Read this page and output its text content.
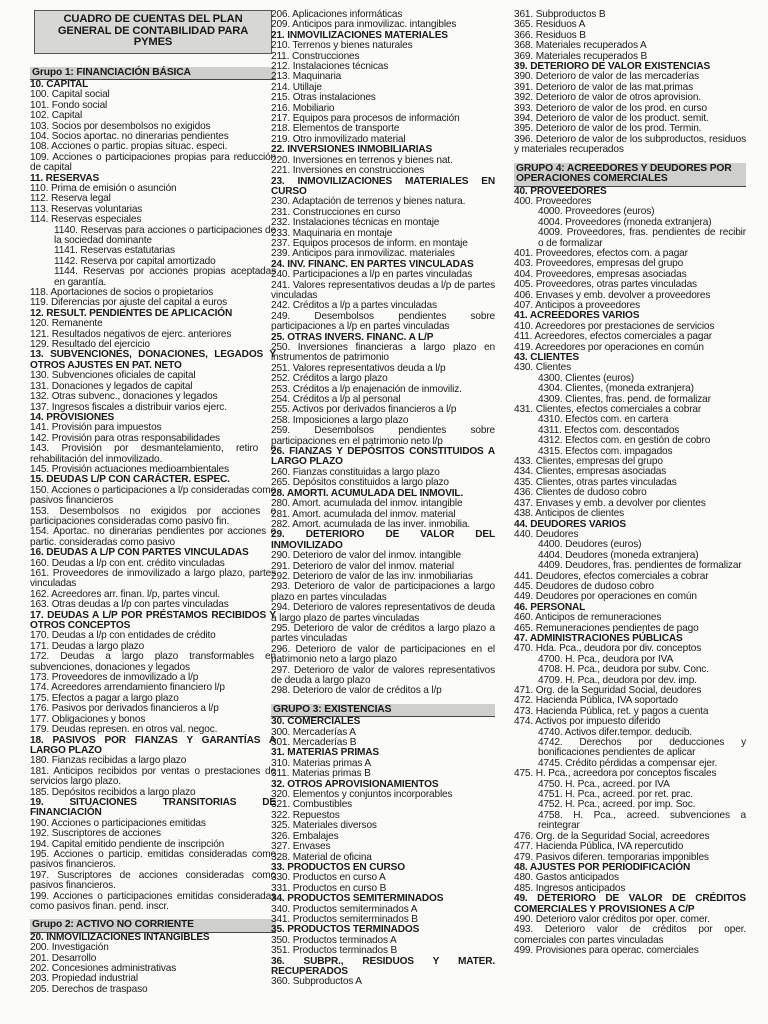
CUADRO DE CUENTAS DEL PLAN GENERAL DE CONTABILIDAD PARA PYMES
Grupo 1: FINANCIACIÓN BÁSICA
10. CAPITAL
100. Capital social
101. Fondo social
102. Capital
103. Socios por desembolsos no exigidos
104. Socios aportac. no dinerarias pendientes
108. Acciones o partic. propias situac. especi.
109. Acciones o participaciones propias para reducción de capital
11. RESERVAS
110. Prima de emisión o asunción
112. Reserva legal
113. Reservas voluntarias
114. Reservas especiales
1140. Reservas para acciones o participaciones de la sociedad dominante
1141. Reservas estatutarias
1142. Reserva por capital amortizado
1144. Reservas por acciones propias aceptadas en garantía.
118. Aportaciones de socios o propietarios
119. Diferencias por ajuste del capital a euros
12. RESULT. PENDIENTES DE APLICACIÓN
120. Remanente
121. Resultados negativos de ejerc. anteriores
129. Resultado del ejercicio
13. SUBVENCIONES, DONACIONES, LEGADOS Y OTROS AJUSTES EN PAT. NETO
130. Subvenciones oficiales de capital
131. Donaciones y legados de capital
132. Otras subvenc., donaciones y legados
137. Ingresos fiscales a distribuir varios ejerc.
14. PROVISIONES
141. Provisión para impuestos
142. Provisión para otras responsabilidades
143. Provisión por desmantelamiento, retiro o rehabilitación del inmovilizado.
145. Provisión actuaciones medioambientales
15. DEUDAS L/P CON CARÁCTER. ESPEC.
150. Acciones o participaciones a l/p consideradas como pasivos financieros
153. Desembolsos no exigidos por acciones o participaciones consideradas como pasivo fin.
154. Aportac. no dinerarias pendientes por acciones o partic. consideradas como pasivo
16. DEUDAS A L/P CON PARTES VINCULADAS
160. Deudas a l/p con ent. crédito vinculadas
161. Proveedores de inmovilizado a largo plazo, partes vinculadas
162. Acreedores arr. finan. l/p, partes vincul.
163. Otras deudas a l/p con partes vinculadas
17. DEUDAS A L/P POR PRÉSTAMOS RECIBIDOS Y OTROS CONCEPTOS
170. Deudas a l/p con entidades de crédito
171. Deudas a largo plazo
172. Deudas a largo plazo transformables en subvenciones, donaciones y legados
173. Proveedores de inmovilizado a l/p
174. Acreedores arrendamiento financiero l/p
175. Efectos a pagar a largo plazo
176. Pasivos por derivados financieros a l/p
177. Obligaciones y bonos
179. Deudas represen. en otros val. negoc.
18. PASIVOS POR FIANZAS Y GARANTÍAS A LARGO PLAZO
180. Fianzas recibidas a largo plazo
181. Anticipos recibidos por ventas o prestaciones de servicios largo plazo.
185. Depósitos recibidos a largo plazo
19. SITUACIONES TRANSITORIAS DE FINANCIACIÓN
190. Acciones o participaciones emitidas
192. Suscriptores de acciones
194. Capital emitido pendiente de inscripción
195. Acciones o particip. emitidas consideradas como pasivos financieros.
197. Suscriptores de acciones consideradas como pasivos financieros.
199. Acciones o participaciones emitidas consideradas como pasivos finan. pend. inscr.
Grupo 2: ACTIVO NO CORRIENTE
20. INMOVILIZACIONES INTANGIBLES
200. Investigación
201. Desarrollo
202. Concesiones administrativas
203. Propiedad industrial
205. Derechos de traspaso
206. Aplicaciones informáticas
209. Anticipos para inmovilizac. intangibles
21. INMOVILIZACIONES MATERIALES
210. Terrenos y bienes naturales
211. Construcciones
212. Instalaciones técnicas
213. Maquinaria
214. Utillaje
215. Otras instalaciones
216. Mobiliario
217. Equipos para procesos de información
218. Elementos de transporte
219. Otro inmovilizado material
22. INVERSIONES INMOBILIARIAS
220. Inversiones en terrenos y bienes nat.
221. Inversiones en construcciones
23. INMOVILIZACIONES MATERIALES EN CURSO
230. Adaptación de terrenos y bienes natura.
231. Construcciones en curso
232. Instalaciones técnicas en montaje
233. Maquinaria en montaje
237. Equipos procesos de inform. en montaje
239. Anticipos para inmovilizac. materiales
24. INV. FINANC. EN PARTES VINCULADAS
240. Participaciones a l/p en partes vinculadas
241. Valores representativos deudas a l/p de partes vinculadas
242. Créditos a l/p a partes vinculadas
249. Desembolsos pendientes sobre participaciones a l/p en partes vinculadas
25. OTRAS INVERS. FINANC. A L/P
250. Inversiones financieras a largo plazo en instrumentos de patrimonio
251. Valores representativos deuda a l/p
252. Créditos a largo plazo
253. Créditos a l/p enajenación de inmoviliz.
254. Créditos a l/p al personal
255. Activos por derivados financieros a l/p
258. Imposiciones a largo plazo
259. Desembolsos pendientes sobre participaciones en el patrimonio neto l/p
26. FIANZAS Y DEPÓSITOS CONSTITUIDOS A LARGO PLAZO
260. Fianzas constituidas a largo plazo
265. Depósitos constituidos a largo plazo
28. AMORTI. ACUMULADA DEL INMOVIL.
280. Amort. acumulada del inmov. intangible
281. Amort. acumulada del inmov. material
282. Amort. acumulada de las inver. inmobilia.
29. DETERIORO DE VALOR DEL INMOVILIZADO
290. Deterioro de valor del inmov. intangible
291. Deterioro de valor del inmov. material
292. Deterioro de valor de las inv. inmobiliarias
293. Deterioro de valor de participaciones a largo plazo en partes vinculadas
294. Deterioro de valores representativos de deuda a largo plazo de partes vinculadas
295. Deterioro de valor de créditos a largo plazo a partes vinculadas
296. Deterioro de valor de participaciones en el patrimonio neto a largo plazo
297. Deterioro de valor de valores representativos de deuda a largo plazo
298. Deterioro de valor de créditos a l/p
GRUPO 3: EXISTENCIAS
30. COMERCIALES
300. Mercaderías A
301. Mercaderías B
31. MATERIAS PRIMAS
310. Materias primas A
311. Materias primas B
32. OTROS APROVISIONAMIENTOS
320. Elementos y conjuntos incorporables
321. Combustibles
322. Repuestos
325. Materiales diversos
326. Embalajes
327. Envases
328. Material de oficina
33. PRODUCTOS EN CURSO
330. Productos en curso A
331. Productos en curso B
34. PRODUCTOS SEMITERMINADOS
340. Productos semiterminados A
341. Productos semiterminados B
35. PRODUCTOS TERMINADOS
350. Productos terminados A
351. Productos terminados B
36. SUBPR., RESIDUOS Y MATER. RECUPERADOS
360. Subproductos A
361. Subproductos B
365. Residuos A
366. Residuos B
368. Materiales recuperados A
369. Materiales recuperados B
39. DETERIORO DE VALOR EXISTENCIAS
390. Deterioro de valor de las mercaderías
391. Deterioro de valor de las mat.primas
392. Deterioro de valor de otros aprovision.
393. Deterioro de valor de los prod. en curso
394. Deterioro de valor de los product. semit.
395. Deterioro de valor de los prod. Termin.
396. Deterioro de valor de los subproductos, residuos y materiales recuperados
GRUPO 4: ACREEDORES Y DEUDORES POR OPERACIONES COMERCIALES
40. PROVEEDORES
400. Proveedores
4000. Proveedores (euros)
4004. Proveedores (moneda extranjera)
4009. Proveedores, fras. pendientes de recibir o de formalizar
401. Proveedores, efectos com. a pagar
403. Proveedores, empresas del grupo
404. Proveedores, empresas asociadas
405. Proveedores, otras partes vinculadas
406. Envases y emb. devolver a proveedores
407. Anticipos a proveedores
41. ACREEDORES VARIOS
410. Acreedores por prestaciones de servicios
411. Acreedores, efectos comerciales a pagar
419. Acreedores por operaciones en común
43. CLIENTES
430. Clientes
4300. Clientes (euros)
4304. Clientes, (moneda extranjera)
4309. Clientes, fras. pend. de formalizar
431. Clientes, efectos comerciales a cobrar
4310. Efectos com. en cartera
4311. Efectos com. descontados
4312. Efectos com. en gestión de cobro
4315. Efectos com. impagados
433. Clientes, empresas del grupo
434. Clientes, empresas asociadas
435. Clientes, otras partes vinculadas
436. Clientes de dudoso cobro
437. Envases y emb. a devolver por clientes
438. Anticipos de clientes
44. DEUDORES VARIOS
440. Deudores
4400. Deudores (euros)
4404. Deudores (moneda extranjera)
4409. Deudores, fras. pendientes de formalizar
441. Deudores, efectos comerciales a cobrar
445. Deudores de dudoso cobro
449. Deudores por operaciones en común
46. PERSONAL
460. Anticipos de remuneraciones
465. Remuneraciones pendientes de pago
47. ADMINISTRACIONES PÚBLICAS
470. Hda. Pca., deudora por div. conceptos
4700. H. Pca., deudora por IVA
4708. H. Pca., deudora por subv. Conc.
4709. H. Pca., deudora por dev. imp.
471. Org. de la Seguridad Social, deudores
472. Hacienda Pública, IVA soportado
473. Hacienda Pública, ret. y pagos a cuenta
474. Activos por impuesto diferido
4740. Activos difer.tempor. deducib.
4742. Derechos por deducciones y bonificaciones pendientes de aplicar
4745. Crédito pérdidas a compensar ejer.
475. H. Pca., acreedora por conceptos fiscales
4750. H. Pca., acreed. por IVA
4751. H. Pca., acreed. por ret. prac.
4752. H. Pca., acreed. por imp. Soc.
4758. H. Pca., acreed. subvenciones a reintegrar
476. Org. de la Seguridad Social, acreedores
477. Hacienda Pública, IVA repercutido
479. Pasivos diferen. temporarias imponibles
48. AJUSTES POR PERIODIFICACIÓN
480. Gastos anticipados
485. Ingresos anticipados
49. DETERIORO DE VALOR DE CRÉDITOS COMERCIALES Y PROVISIONES A C/P
490. Deterioro valor créditos por oper. comer.
493. Deterioro valor de créditos por oper. comerciales con partes vinculadas
499. Provisiones para operac. comerciales
